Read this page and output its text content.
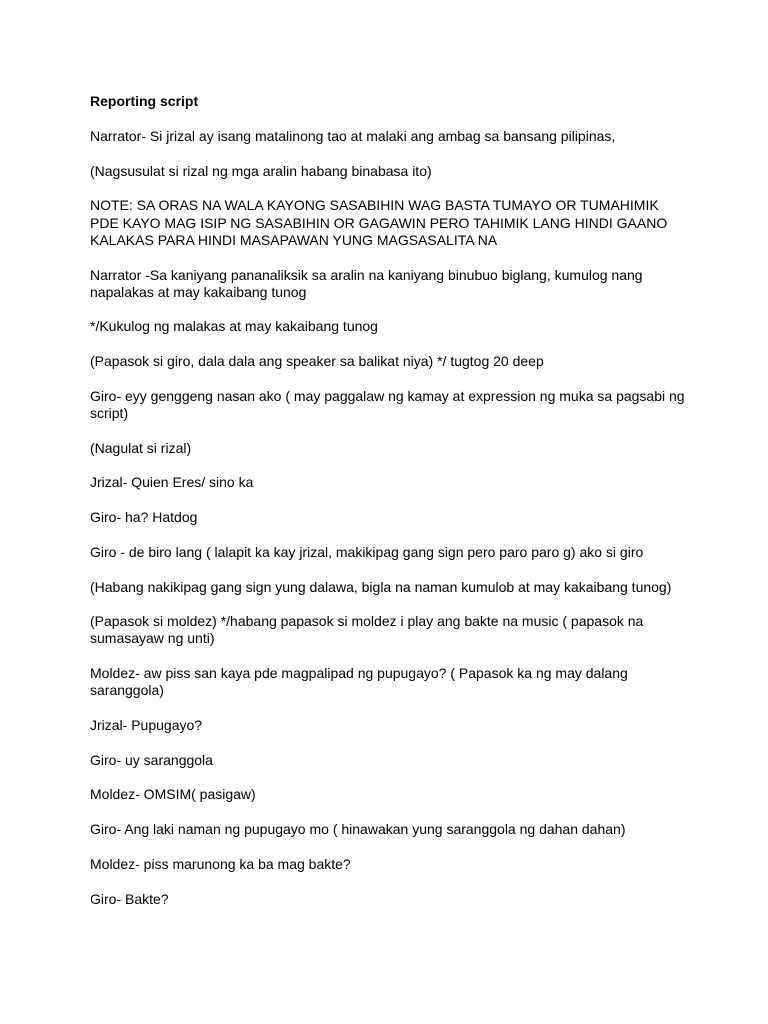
Reporting script
Narrator- Si jrizal ay isang matalinong tao at malaki ang ambag sa bansang pilipinas,
(Nagsusulat si rizal ng mga aralin habang binabasa ito)
NOTE: SA ORAS NA WALA KAYONG SASABIHIN WAG BASTA TUMAYO OR TUMAHIMIK PDE KAYO MAG ISIP NG SASABIHIN OR GAGAWIN PERO TAHIMIK LANG HINDI GAANO KALAKAS PARA HINDI MASAPAWAN YUNG MAGSASALITA NA
Narrator -Sa kaniyang pananaliksik sa aralin na kaniyang binubuo biglang, kumulog nang napalakas at may kakaibang tunog
*/Kukulog ng malakas at may kakaibang tunog
(Papasok si giro, dala dala ang speaker sa balikat niya) */ tugtog 20 deep
Giro- eyy genggeng nasan ako ( may paggalaw ng kamay at expression ng muka sa pagsabi ng script)
(Nagulat si rizal)
Jrizal- Quien Eres/ sino ka
Giro- ha? Hatdog
Giro - de biro lang ( lalapit ka kay jrizal, makikipag gang sign pero paro paro g) ako si giro
(Habang nakikipag gang sign yung dalawa, bigla na naman kumulob at may kakaibang tunog)
(Papasok si moldez) */habang papasok si moldez i play ang bakte na music ( papasok na sumasayaw ng unti)
Moldez- aw piss san kaya pde magpalipad ng pupugayo? ( Papasok ka ng may dalang saranggola)
Jrizal- Pupugayo?
Giro- uy saranggola
Moldez- OMSIM( pasigaw)
Giro- Ang laki naman ng pupugayo mo ( hinawakan yung saranggola ng dahan dahan)
Moldez- piss marunong ka ba mag bakte?
Giro- Bakte?
